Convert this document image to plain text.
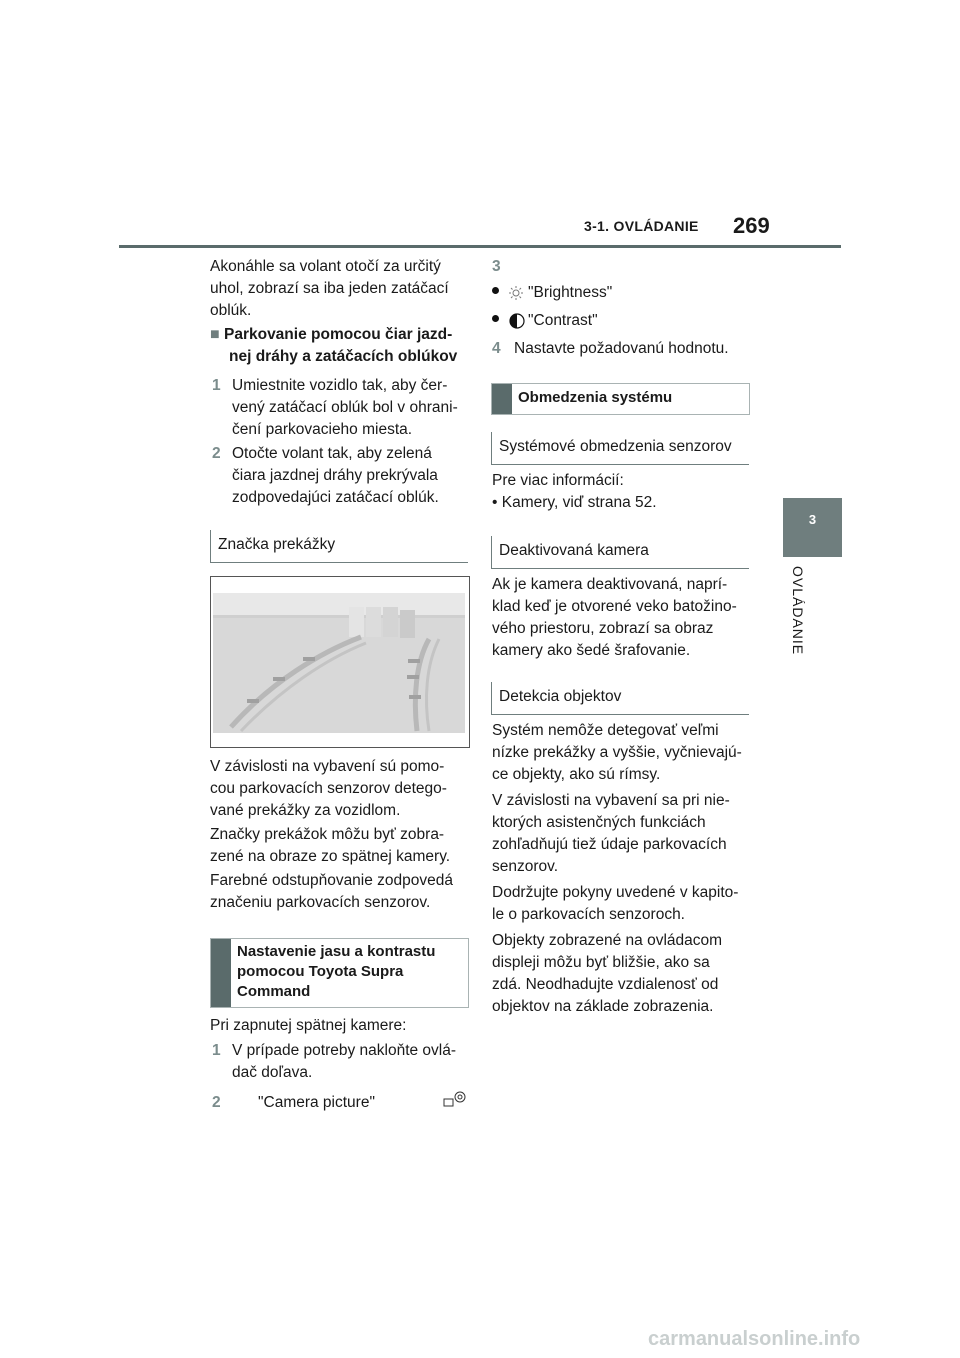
3-1. OVLÁDANIE 269
3
OVLÁDANIE
Akonáhle sa volant otočí za určitý
uhol, zobrazí sa iba jeden zatáčací
oblúk.
■ Parkovanie pomocou čiar jazd-
nej dráhy a zatáčacích oblúkov
1 Umiestnite vozidlo tak, aby čer-
vený zatáčací oblúk bol v ohrani-
čení parkovacieho miesta.
2 Otočte volant tak, aby zelená
čiara jazdnej dráhy prekrývala
zodpovedajúci zatáčací oblúk.
Značka prekážky
V závislosti na vybavení sú pomo-
cou parkovacích senzorov detego-
vané prekážky za vozidlom.
Značky prekážok môžu byť zobra-
zené na obraze zo spätnej kamery.
Farebné odstupňovanie zodpovedá
značeniu parkovacích senzorov.
Nastavenie jasu a kontrastu
pomocou Toyota Supra
Command
Pri zapnutej spätnej kamere:
1 V prípade potreby nakloňte ovlá-
dač doľava.
2 "Camera picture"
3
"Brightness"
"Contrast"
4 Nastavte požadovanú hodnotu.
Obmedzenia systému
Systémové obmedzenia senzorov
Pre viac informácií:
• Kamery, viď strana 52.
Deaktivovaná kamera
Ak je kamera deaktivovaná, naprí-
klad keď je otvorené veko batožino-
vého priestoru, zobrazí sa obraz
kamery ako šedé šrafovanie.
Detekcia objektov
Systém nemôže detegovať veľmi
nízke prekážky a vyššie, vyčnievajú-
ce objekty, ako sú rímsy.
V závislosti na vybavení sa pri nie-
ktorých asistenčných funkciách
zohľadňujú tiež údaje parkovacích
senzorov.
Dodržujte pokyny uvedené v kapito-
le o parkovacích senzoroch.
Objekty zobrazené na ovládacom
displeji môžu byť bližšie, ako sa
zdá. Neodhadujte vzdialenosť od
objektov na základe zobrazenia.
carmanualsonline.info
